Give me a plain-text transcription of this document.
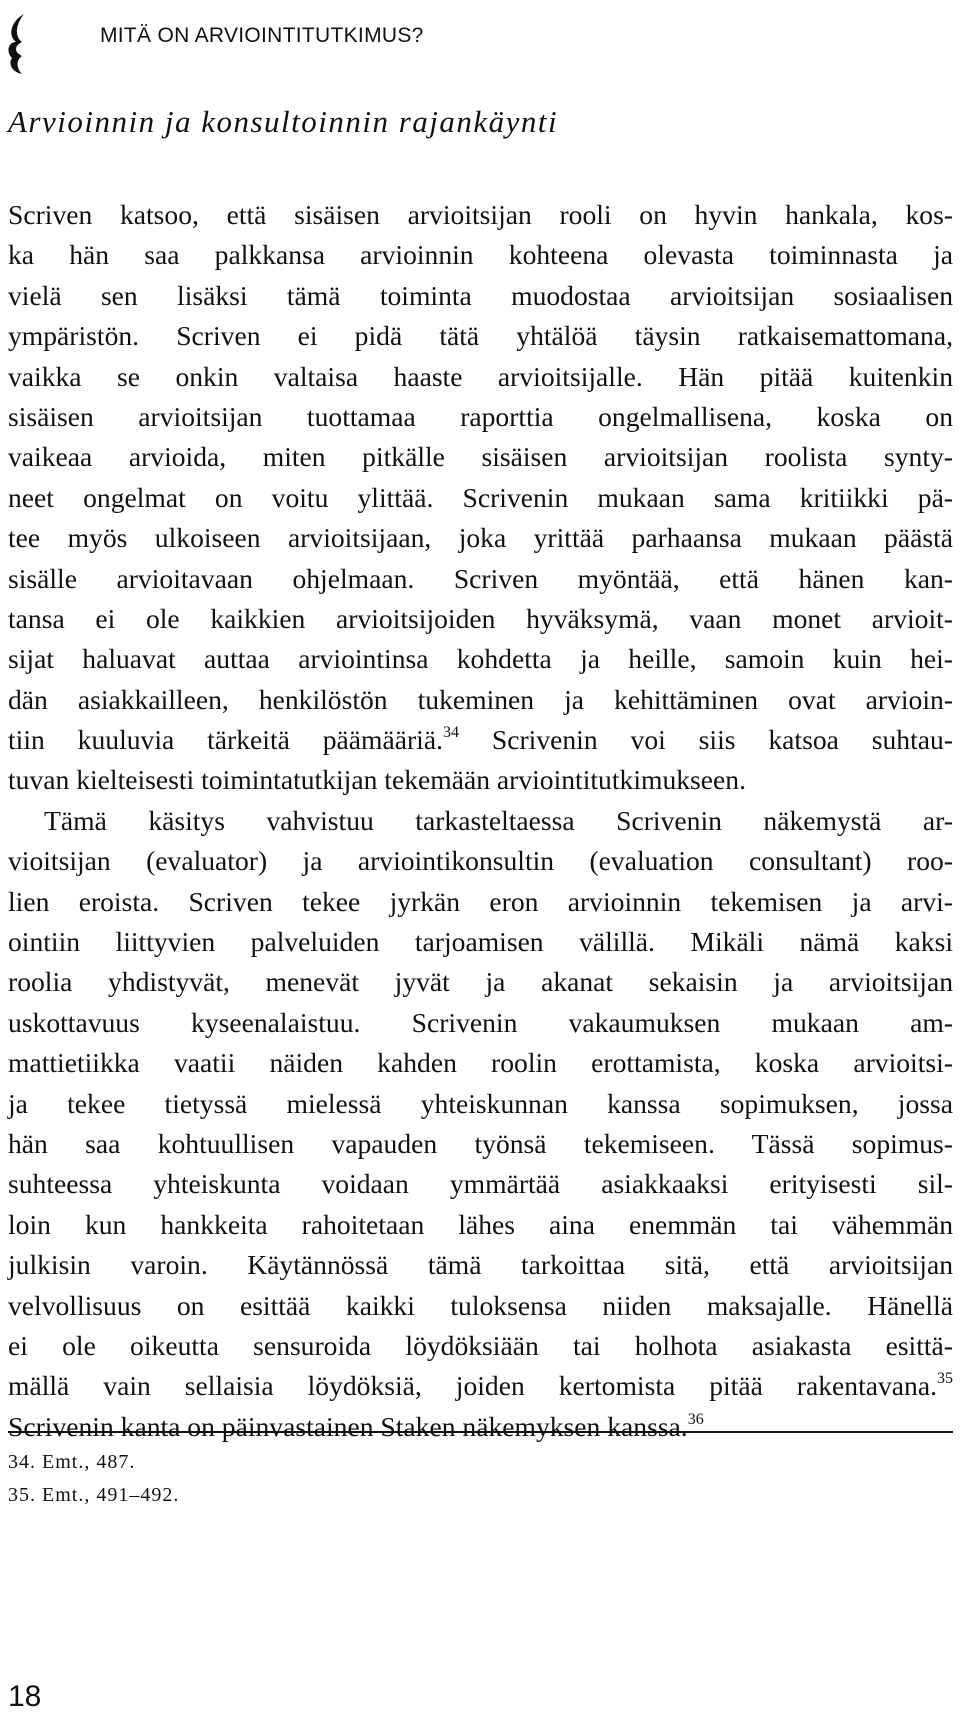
MITÄ ON ARVIOINTITUTKIMUS?
Arvioinnin ja konsultoinnin rajankäynti
Scriven katsoo, että sisäisen arvioitsijan rooli on hyvin hankala, kos-
ka hän saa palkkansa arvioinnin kohteena olevasta toiminnasta ja
vielä sen lisäksi tämä toiminta muodostaa arvioitsijan sosiaalisen
ympäristön. Scriven ei pidä tätä yhtälöä täysin ratkaisemattomana,
vaikka se onkin valtaisa haaste arvioitsijalle. Hän pitää kuitenkin
sisäisen arvioitsijan tuottamaa raporttia ongelmallisena, koska on
vaikeaa arvioida, miten pitkälle sisäisen arvioitsijan roolista synty-
neet ongelmat on voitu ylittää. Scrivenin mukaan sama kritiikki pä-
tee myös ulkoiseen arvioitsijaan, joka yrittää parhaansa mukaan päästä
sisälle arvioitavaan ohjelmaan. Scriven myöntää, että hänen kan-
tansa ei ole kaikkien arvioitsijoiden hyväksymä, vaan monet arvioit-
sijat haluavat auttaa arviointinsa kohdetta ja heille, samoin kuin hei-
dän asiakkailleen, henkilöstön tukeminen ja kehittäminen ovat arvioin-
tiin kuuluvia tärkeitä päämääriä.$^{34}$ Scrivenin voi siis katsoa suhtau-
tuvan kielteisesti toimintatutkijan tekemään arviointitutkimukseen.
Tämä käsitys vahvistuu tarkasteltaessa Scrivenin näkemystä ar-
vioitsijan (evaluator) ja arviointikonsultin (evaluation consultant) roo-
lien eroista. Scriven tekee jyrkän eron arvioinnin tekemisen ja arvi-
ointiin liittyvien palveluiden tarjoamisen välillä. Mikäli nämä kaksi
roolia yhdistyvät, menevät jyvät ja akanat sekaisin ja arvioitsijan
uskottavuus kyseenalaistuu. Scrivenin vakaumuksen mukaan am-
mattietiikka vaatii näiden kahden roolin erottamista, koska arvioitsi-
ja tekee tietyssä mielessä yhteiskunnan kanssa sopimuksen, jossa
hän saa kohtuullisen vapauden työnsä tekemiseen. Tässä sopimus-
suhteessa yhteiskunta voidaan ymmärtää asiakkaaksi erityisesti sil-
loin kun hankkeita rahoitetaan lähes aina enemmän tai vähemmän
julkisin varoin. Käytännössä tämä tarkoittaa sitä, että arvioitsijan
velvollisuus on esittää kaikki tuloksensa niiden maksajalle. Hänellä
ei ole oikeutta sensuroida löydöksiään tai holhota asiakasta esittä-
mällä vain sellaisia löydöksiä, joiden kertomista pitää rakentavana.$^{35}$
Scrivenin kanta on päinvastainen Staken näkemyksen kanssa.$^{36}$
34. Emt., 487.
35. Emt., 491–492.
18
